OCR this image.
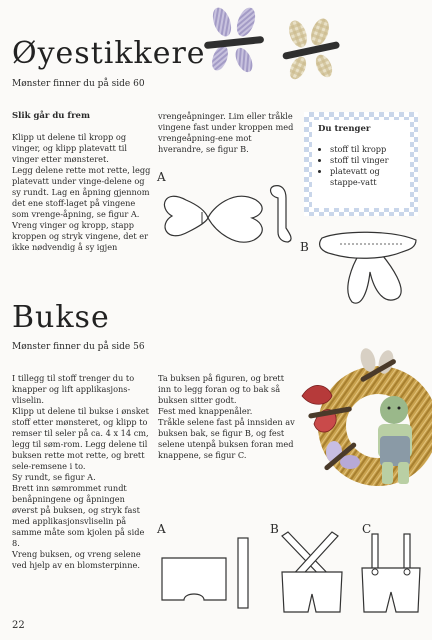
Øyestikkere
Mønster finner du på side 60
Slik går du frem

Klipp ut delene til kropp og vinger, og klipp platevatt til vinger etter mønsteret.

Legg delene rette mot rette, legg platevatt under vinge-delene og sy rundt. Lag en åpning gjennom det ene stoff-laget på vingene som vrenge-åpning, se figur A.

Vreng vinger og kropp, stapp kroppen og stryk vingene, det er ikke nødvendig å sy igjen

vrengeåpninger. Lim eller tråkle vingene fast under kroppen med vrengeåpning-ene mot hverandre, se figur B.

Du trenger
• stoff til kropp
• stoff til vinger
• platevatt og stappe-vatt
A
B
Bukse
Mønster finner du på side 56

I tillegg til stoff trenger du to knapper og lift applikasjons-vliselin.

Klipp ut delene til bukse i ønsket stoff etter mønsteret, og klipp to remser til seler på ca. 4 x 14 cm, legg til søm-rom. Legg delene til buksen rette mot rette, og brett sele-remsene i to.

Sy rundt, se figur A.

Brett inn sømrommet rundt benåpningene og åpningen øverst på buksen, og stryk fast med applikasjonsvliselin på samme måte som kjolen på side 8.

Vreng buksen, og vreng selene ved hjelp av en blomsterpinne.

Ta buksen på figuren, og brett inn to legg foran og to bak så buksen sitter godt.

Fest med knappenåler.

Tråkle selene fast på innsiden av buksen bak, se figur B, og fest selene utenpå buksen foran med knappene, se figur C.

A	B	C
22
